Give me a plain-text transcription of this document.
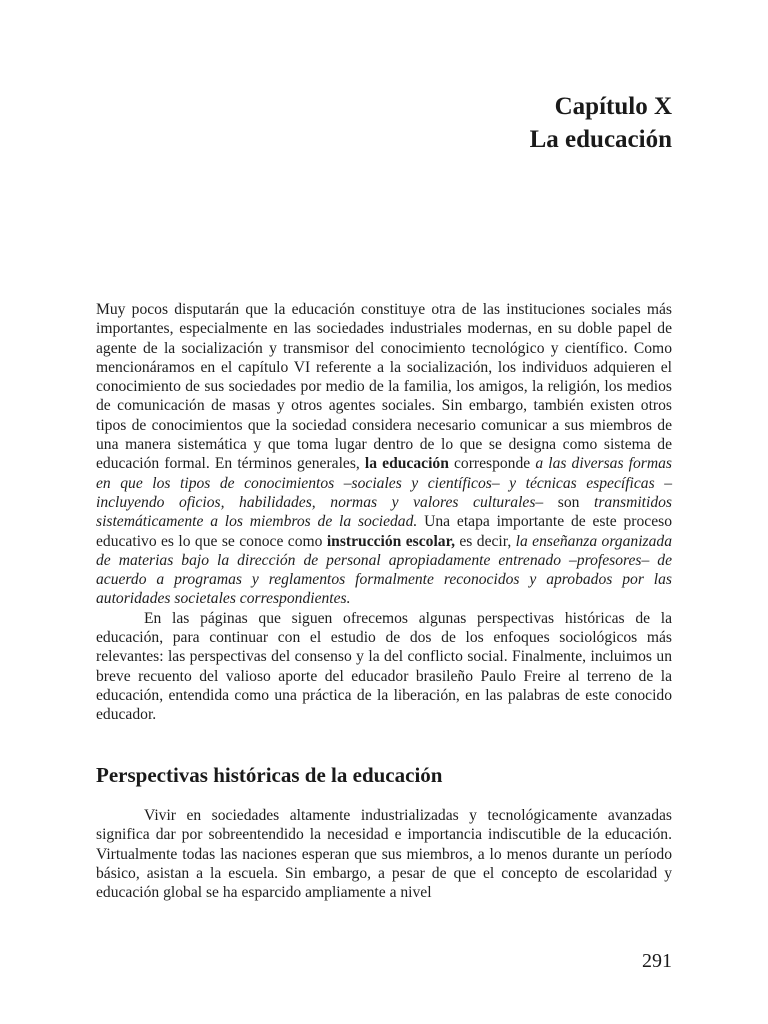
Capítulo X
La educación

Muy pocos disputarán que la educación constituye otra de las instituciones sociales más importantes, especialmente en las sociedades industriales modernas, en su doble papel de agente de la socialización y transmisor del conocimiento tecnológico y científico. Como mencionáramos en el capítulo VI referente a la socialización, los individuos adquieren el conocimiento de sus sociedades por medio de la familia, los amigos, la religión, los medios de comunicación de masas y otros agentes sociales. Sin embargo, también existen otros tipos de conocimientos que la sociedad considera necesario comunicar a sus miembros de una manera sistemática y que toma lugar dentro de lo que se designa como sistema de educación formal. En términos generales, la educación corresponde a las diversas formas en que los tipos de conocimientos –sociales y científicos– y técnicas específicas –incluyendo oficios, habilidades, normas y valores culturales– son transmitidos sistemáticamente a los miembros de la sociedad. Una etapa importante de este proceso educativo es lo que se conoce como instrucción escolar, es decir, la enseñanza organizada de materias bajo la dirección de personal apropiadamente entrenado –profesores– de acuerdo a programas y reglamentos formalmente reconocidos y aprobados por las autoridades societales correspondientes.

En las páginas que siguen ofrecemos algunas perspectivas históricas de la educación, para continuar con el estudio de dos de los enfoques sociológicos más relevantes: las perspectivas del consenso y la del conflicto social. Finalmente, incluimos un breve recuento del valioso aporte del educador brasileño Paulo Freire al terreno de la educación, entendida como una práctica de la liberación, en las palabras de este conocido educador.

Perspectivas históricas de la educación

Vivir en sociedades altamente industrializadas y tecnológicamente avanzadas significa dar por sobreentendido la necesidad e importancia indiscutible de la educación. Virtualmente todas las naciones esperan que sus miembros, a lo menos durante un período básico, asistan a la escuela. Sin embargo, a pesar de que el concepto de escolaridad y educación global se ha esparcido ampliamente a nivel

291
